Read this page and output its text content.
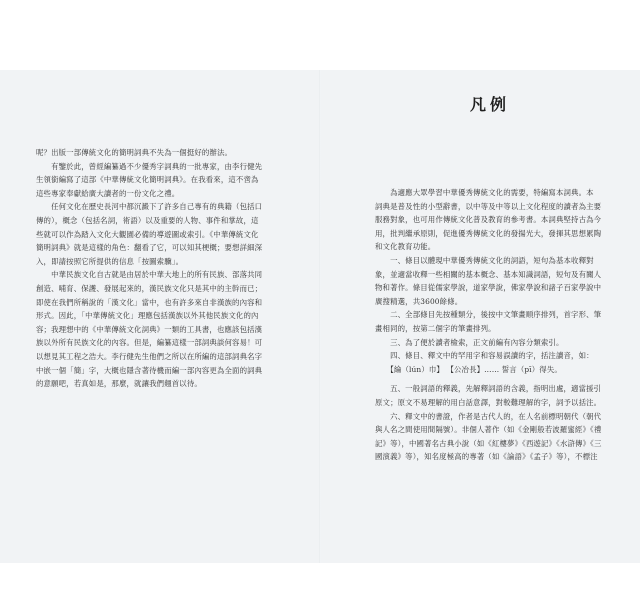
呢？出版一部傳統文化的簡明詞典不失為一個挺好的辦法。
　　有鑒於此，曾經編纂過不少優秀字詞典的一批專家，由李行健先
生領銜編寫了這部《中華傳統文化簡明詞典》。在我看來，這不啻為
這些專家奉獻給廣大讀者的一份文化之禮。
　　任何文化在歷史長河中都沉澱下了許多自己專有的典籍（包括口
傳的），概念（包括名詞，術語）以及重要的人物、事件和掌故，這
些就可以作為踏入文化大觀園必備的導遊圖或索引。《中華傳統文化
簡明詞典》就是這樣的角色：翻看了它，可以知其梗概；要想詳細深
入，即請按照它所提供的信息「按圖索驥」。
　　中華民族文化自古就是由居於中華大地上的所有民族、部落共同
創造、哺育、保護、發展起來的，漢民族文化只是其中的主幹而已；
即使在我們所稱說的「漢文化」當中，也有許多來自非漢族的內容和
形式。因此，「中華傳統文化」理應包括漢族以外其他民族文化的內
容；我理想中的《中華傳統文化詞典》一類的工具書，也應該包括漢
族以外所有民族文化的內容。但是，編纂這樣一部詞典談何容易！可
以想見其工程之浩大。李行健先生他們之所以在所編的這部詞典名字
中嵌一個「簡」字，大概也隱含著待機而編一部內容更為全面的詞典
的意願吧，若真如是，那麼，就讓我們翹首以待。
　　為適應大眾學習中華優秀傳統文化的需要，特編寫本詞典。本
詞典是普及性的小型辭書，以中等及中等以上文化程度的讀者為主要
服務對象，也可用作傳統文化普及教育的參考書。本詞典堅持古為今
用，批判繼承原則，促進優秀傳統文化的發揚光大，發揮其思想累陶
和文化教育功能。
　　一、條目以體現中華優秀傳統文化的詞語，短句為基本收釋對
象，並適當收釋一些相關的基本概念、基本知識詞語，短句及有關人
物和著作。條目從儒家學說，道家學說，佛家學說和諸子百家學說中
廣搜精選，共3600餘條。
　　二、全部條目先按種類分，後按中文筆畫順序排列，首字形、筆
畫相同的，按第二個字的筆畫排列。
　　三、為了便於讀者檢索，正文前編有內容分類索引。
　　四、條目、釋文中的罕用字和容易誤讀的字，括注讀音，如：
　　【綸（lún）巾】 【公冶長】…… 誓言（pī）得失。
　　五、一般詞語的釋義，先解釋詞語的含義，指明出處，適當援引
原文；原文不易理解的用白話意譯，對較難理解的字，詞予以括注。
　　六、釋文中的書證，作者是古代人的，在人名前標明朝代（朝代
與人名之間使用間隔號）。非個人著作（如《金剛般若波羅蜜經》《禮
記》等），中國著名古典小說（如《紅樓夢》《西遊記》《水滸傳》《三
國演義》等），知名度極高的專著（如《論語》《孟子》等），不標注
凡例
